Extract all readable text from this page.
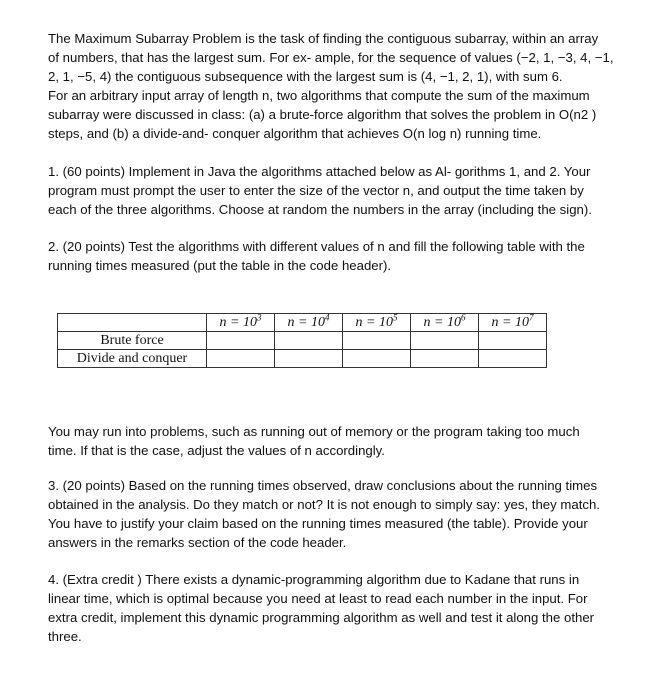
The Maximum Subarray Problem is the task of finding the contiguous subarray, within an array
of numbers, that has the largest sum. For ex- ample, for the sequence of values (−2, 1, −3, 4, −1,
2, 1, −5, 4) the contiguous subsequence with the largest sum is (4, −1, 2, 1), with sum 6.
For an arbitrary input array of length n, two algorithms that compute the sum of the maximum
subarray were discussed in class: (a) a brute-force algorithm that solves the problem in O(n2 )
steps, and (b) a divide-and- conquer algorithm that achieves O(n log n) running time.

1. (60 points) Implement in Java the algorithms attached below as Al- gorithms 1, and 2. Your
program must prompt the user to enter the size of the vector n, and output the time taken by
each of the three algorithms. Choose at random the numbers in the array (including the sign).

2. (20 points) Test the algorithms with different values of n and fill the following table with the
running times measured (put the table in the code header).

	$n = 10^3$	$n = 10^4$	$n = 10^5$	$n = 10^6$	$n = 10^7$
Brute force					
Divide and conquer					

You may run into problems, such as running out of memory or the program taking too much
time. If that is the case, adjust the values of n accordingly.

3. (20 points) Based on the running times observed, draw conclusions about the running times
obtained in the analysis. Do they match or not? It is not enough to simply say: yes, they match.
You have to justify your claim based on the running times measured (the table). Provide your
answers in the remarks section of the code header.

4. (Extra credit ) There exists a dynamic-programming algorithm due to Kadane that runs in
linear time, which is optimal because you need at least to read each number in the input. For
extra credit, implement this dynamic programming algorithm as well and test it along the other
three.
